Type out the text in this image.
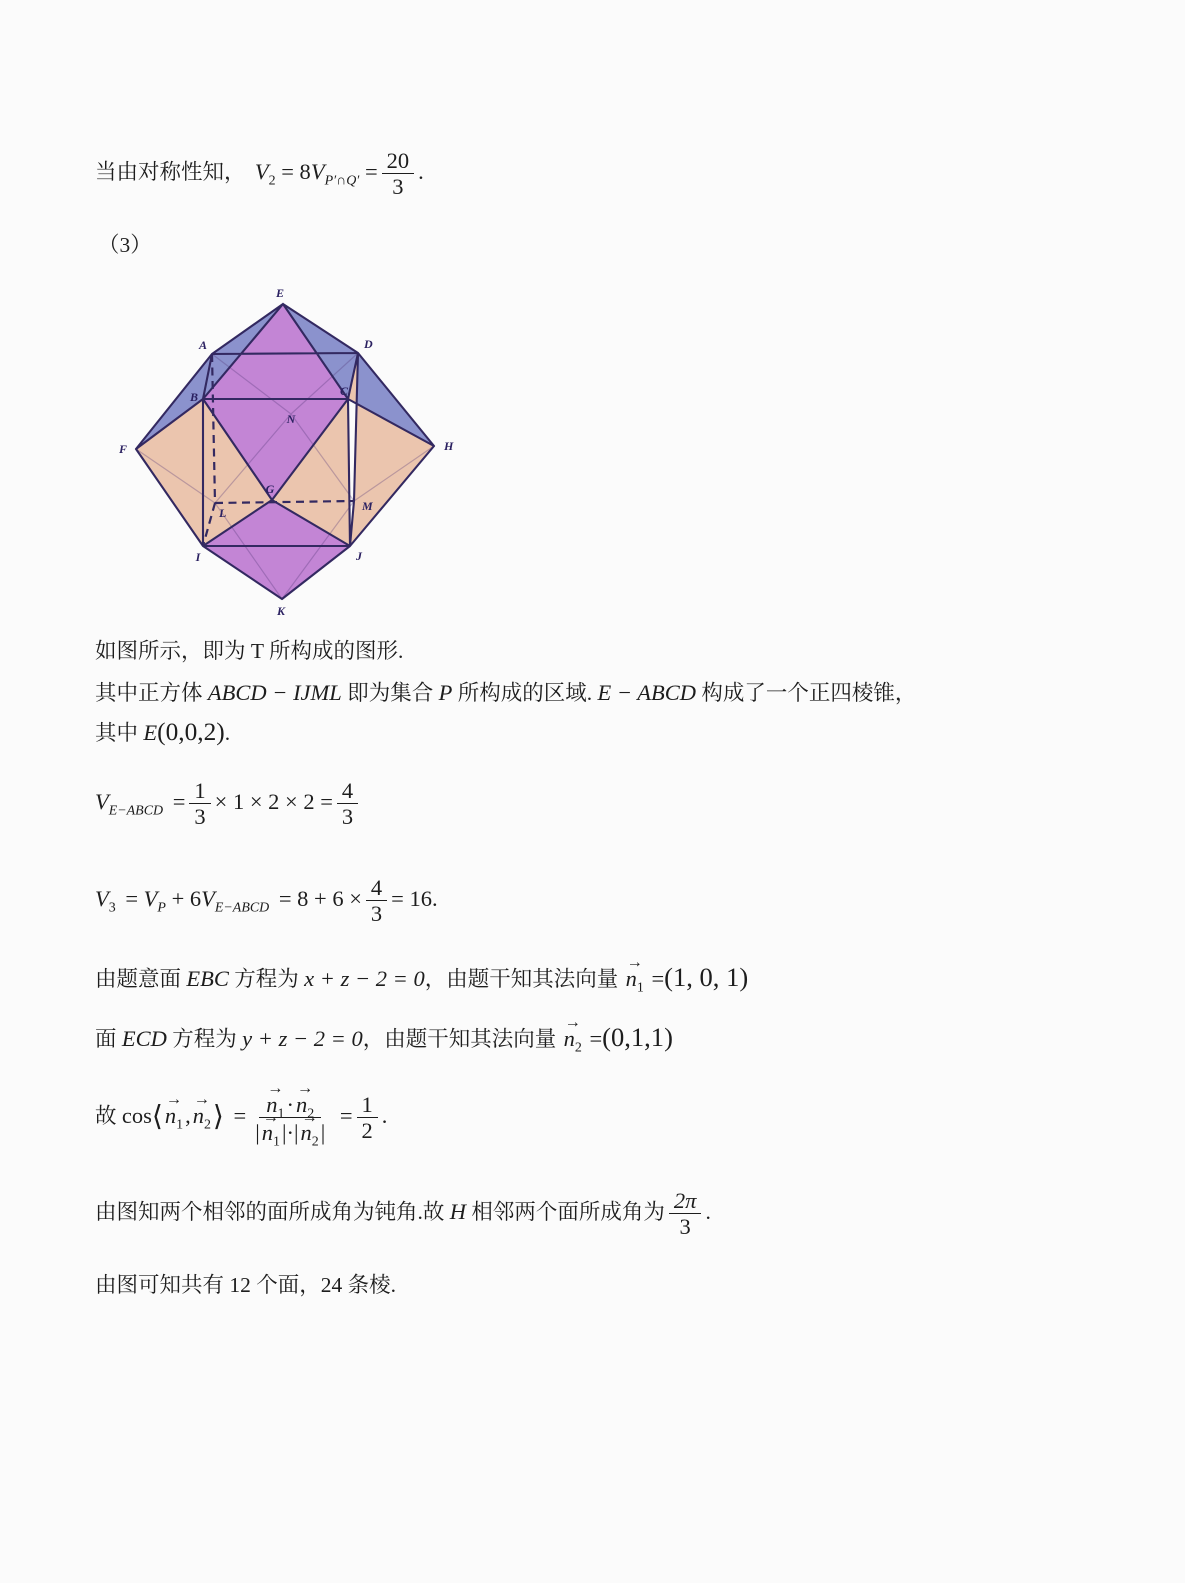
当由对称性知， $V_2 = 8V_{P'\cap Q'} = \frac{20}{3}$ .
（3）
E
A	D
B	C
N
F	H
G
L	M
I	J
K
如图所示，即为 T 所构成的图形.
其中正方体 ABCD − IJML 即为集合 P 所构成的区域. E − ABCD 构成了一个正四棱锥，
其中 E(0,0,2).
$V_{E-ABCD} = \frac{1}{3} \times 1 \times 2 \times 2 = \frac{4}{3}$
$V_3 = V_P + 6V_{E-ABCD} = 8 + 6 \times \frac{4}{3} = 16$.
由题意面 EBC 方程为 x + z − 2 = 0，由题干知其法向量 → $n_1 =(1$, 0, 1)
面 ECD 方程为 y + z − 2 = 0，由题干知其法向量 → $n_2 =(0,1,1)$
故 cos⟨→ $n_1,\to$ $n_2⟩$ = → $\frac{n_1\cdot\to n_2}{|\to n_1|\cdot|\to n_2|} = \frac{1}{2}$ .
由图知两个相邻的面所成角为钝角.故 H 相邻两个面所成角为 $\frac{2\pi}{3}$ .
由图可知共有 12 个面，24 条棱.
